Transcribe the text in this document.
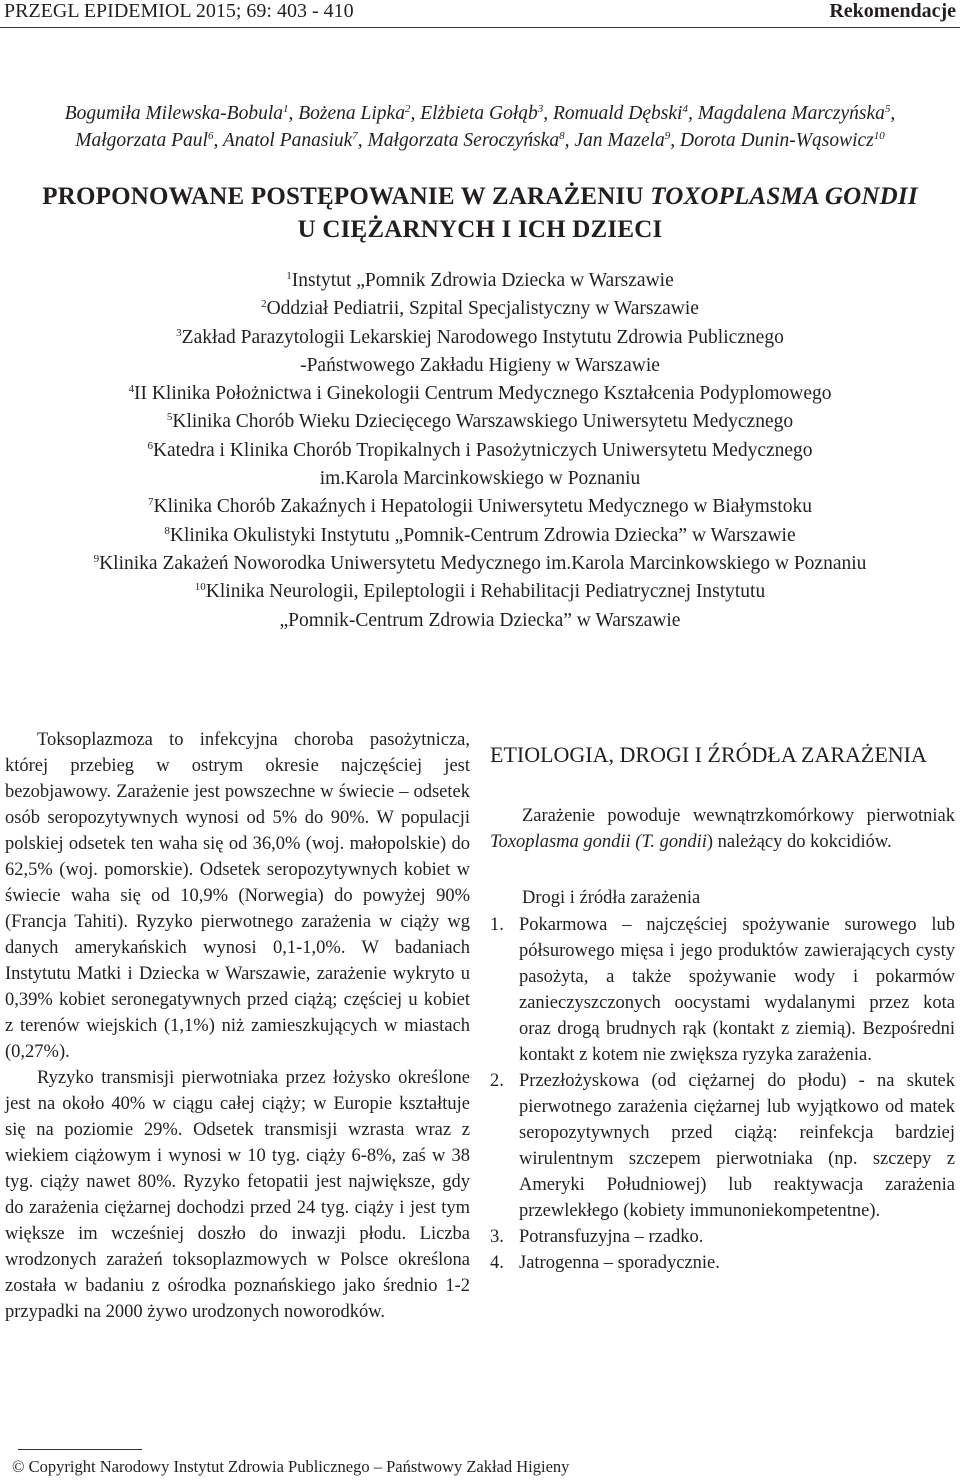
PRZEGL EPIDEMIOL 2015; 69: 403 - 410	Rekomendacje
Bogumiła Milewska-Bobula$^1$, Bożena Lipka$^2$, Elżbieta Gołąb$^3$, Romuald Dębski$^4$, Magdalena Marczyńska$^5$,
Małgorzata Paul$^6$, Anatol Panasiuk$^7$, Małgorzata Seroczyńska$^8$, Jan Mazela$^9$, Dorota Dunin-Wąsowicz$^{10}$
PROPONOWANE POSTĘPOWANIE W ZARAŻENIU TOXOPLASMA GONDII
U CIĘŻARNYCH I ICH DZIECI
$^1$Instytut „Pomnik Zdrowia Dziecka w Warszawie
$^2$Oddział Pediatrii, Szpital Specjalistyczny w Warszawie
$^3$Zakład Parazytologii Lekarskiej Narodowego Instytutu Zdrowia Publicznego
-Państwowego Zakładu Higieny w Warszawie
$^4$II Klinika Położnictwa i Ginekologii Centrum Medycznego Kształcenia Podyplomowego
$^5$Klinika Chorób Wieku Dziecięcego Warszawskiego Uniwersytetu Medycznego
$^6$Katedra i Klinika Chorób Tropikalnych i Pasożytniczych Uniwersytetu Medycznego
im.Karola Marcinkowskiego w Poznaniu
$^7$Klinika Chorób Zakaźnych i Hepatologii Uniwersytetu Medycznego w Białymstoku
$^8$Klinika Okulistyki Instytutu „Pomnik-Centrum Zdrowia Dziecka” w Warszawie
$^9$Klinika Zakażeń Noworodka Uniwersytetu Medycznego im.Karola Marcinkowskiego w Poznaniu
$^{10}$Klinika Neurologii, Epileptologii i Rehabilitacji Pediatrycznej Instytutu
„Pomnik-Centrum Zdrowia Dziecka” w Warszawie

Toksoplazmoza to infekcyjna choroba pasożytnicza, której przebieg w ostrym okresie najczęściej jest bezobjawowy. Zarażenie jest powszechne w świecie – odsetek osób seropozytywnych wynosi od 5% do 90%. W populacji polskiej odsetek ten waha się od 36,0% (woj. małopolskie) do 62,5% (woj. pomorskie). Odsetek seropozytywnych kobiet w świecie waha się od 10,9% (Norwegia) do powyżej 90% (Francja Tahiti). Ryzyko pierwotnego zarażenia w ciąży wg danych amerykańskich wynosi 0,1-1,0%. W badaniach Instytutu Matki i Dziecka w Warszawie, zarażenie wykryto u 0,39% kobiet seronegatywnych przed ciążą; częściej u kobiet z terenów wiejskich (1,1%) niż zamieszkujących w miastach (0,27%).

Ryzyko transmisji pierwotniaka przez łożysko określone jest na około 40% w ciągu całej ciąży; w Europie kształtuje się na poziomie 29%. Odsetek transmisji wzrasta wraz z wiekiem ciążowym i wynosi w 10 tyg. ciąży 6-8%, zaś w 38 tyg. ciąży nawet 80%. Ryzyko fetopatii jest największe, gdy do zarażenia ciężarnej dochodzi przed 24 tyg. ciąży i jest tym większe im wcześniej doszło do inwazji płodu. Liczba wrodzonych zarażeń toksoplazmowych w Polsce określona została w badaniu z ośrodka poznańskiego jako średnio 1-2 przypadki na 2000 żywo urodzonych noworodków.

ETIOLOGIA, DROGI I ŹRÓDŁA ZARAŻENIA

Zarażenie powoduje wewnątrzkomórkowy pierwotniak Toxoplasma gondii (T. gondii) należący do kokcidiów.

Drogi i źródła zarażenia
1. Pokarmowa – najczęściej spożywanie surowego lub półsurowego mięsa i jego produktów zawierających cysty pasożyta, a także spożywanie wody i pokarmów zanieczyszczonych oocystami wydalanymi przez kota oraz drogą brudnych rąk (kontakt z ziemią). Bezpośredni kontakt z kotem nie zwiększa ryzyka zarażenia.
2. Przezłożyskowa (od ciężarnej do płodu) - na skutek pierwotnego zarażenia ciężarnej lub wyjątkowo od matek seropozytywnych przed ciążą: reinfekcja bardziej wirulentnym szczepem pierwotniaka (np. szczepy z Ameryki Południowej) lub reaktywacja zarażenia przewlekłego (kobiety immunoniekompetentne).
3. Potransfuzyjna – rzadko.
4. Jatrogenna – sporadycznie.
© Copyright Narodowy Instytut Zdrowia Publicznego – Państwowy Zakład Higieny
